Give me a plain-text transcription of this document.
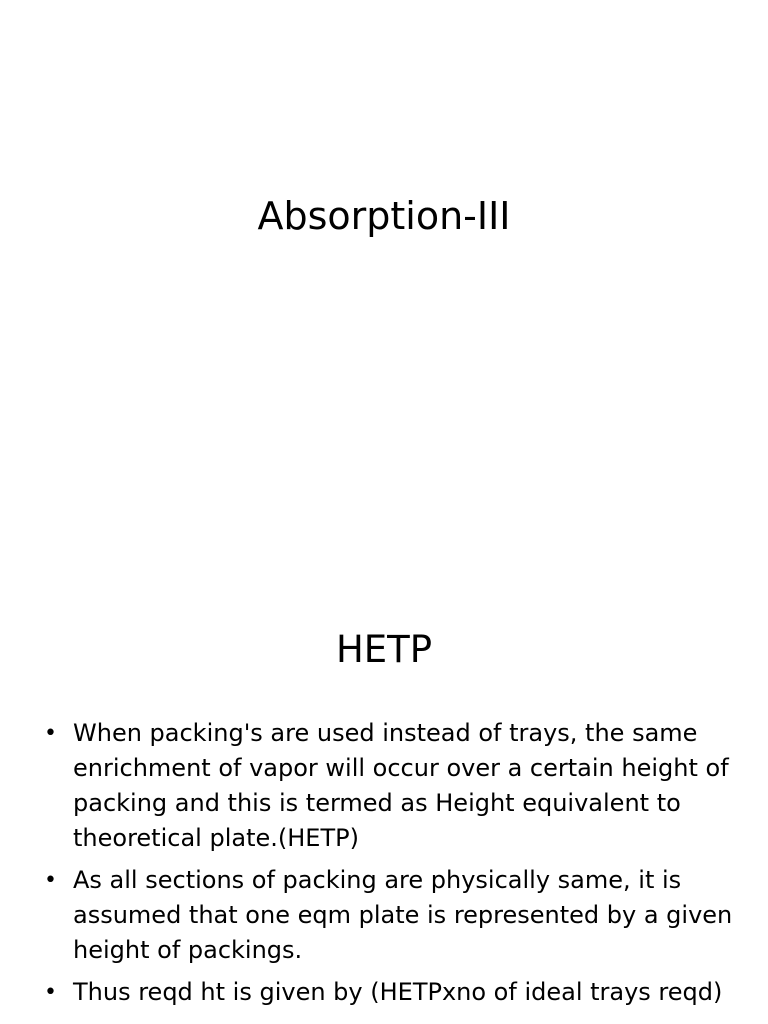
Absorption-III
HETP
• When packing's are used instead of trays, the same enrichment of vapor will occur over a certain height of packing and this is termed as Height equivalent to theoretical plate.(HETP)
• As all sections of packing are physically same, it is assumed that one eqm plate is represented by a given height of packings.
• Thus reqd ht is given by (HETPxno of ideal trays reqd)
